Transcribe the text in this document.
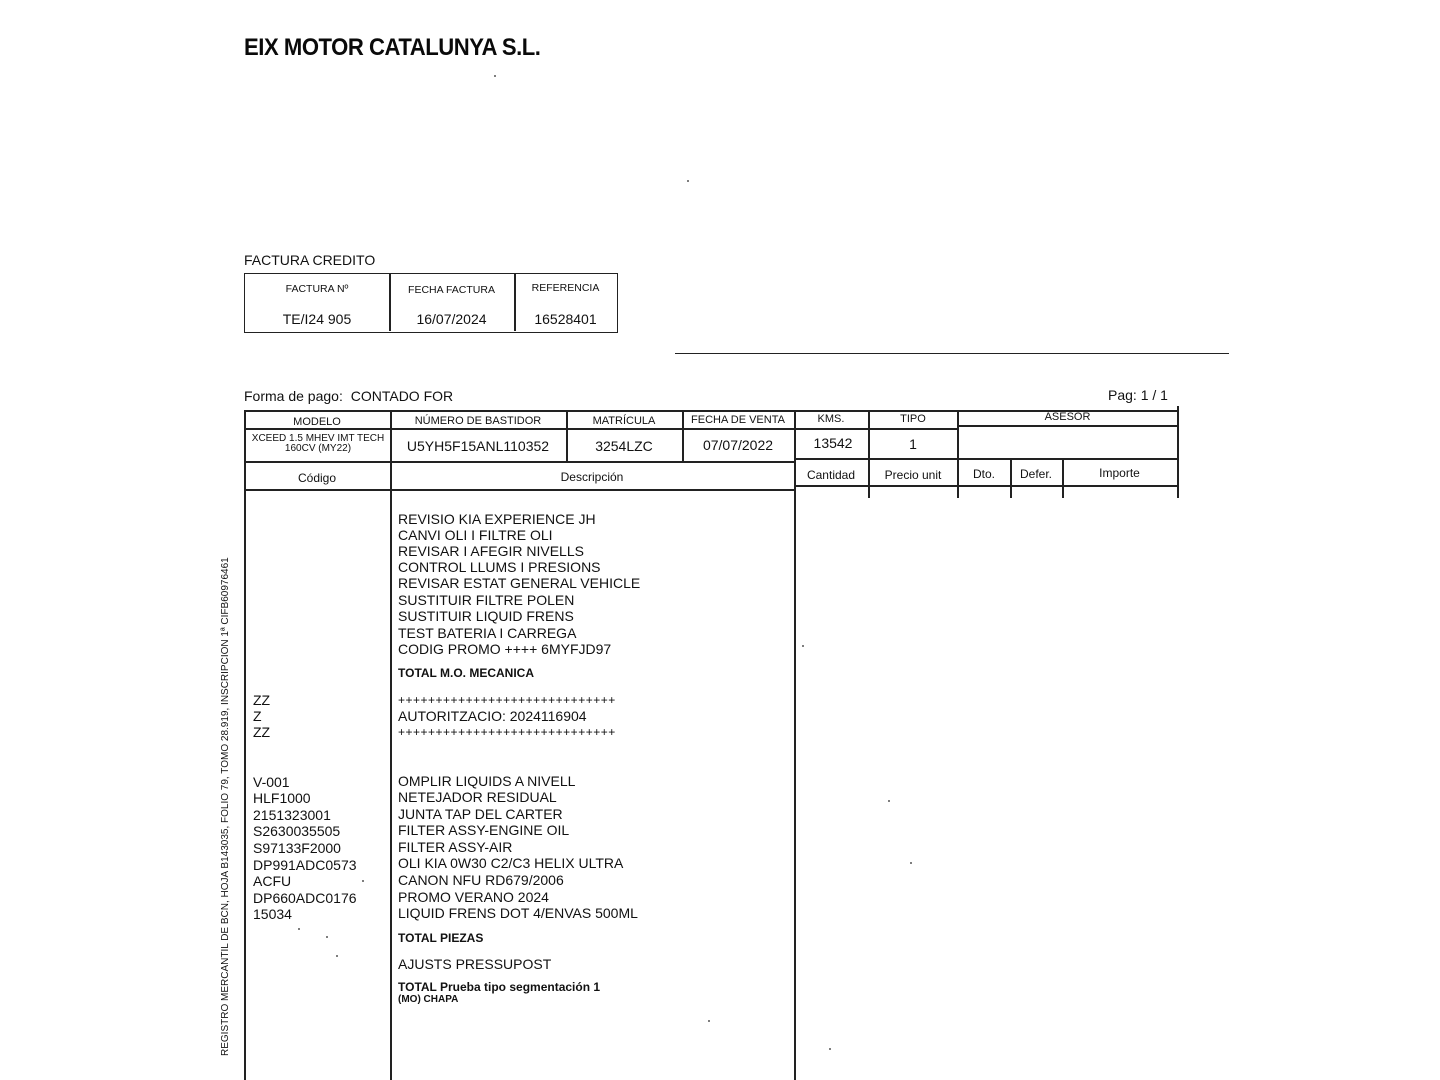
EIX MOTOR CATALUNYA S.L.
FACTURA CREDITO
FACTURA Nº	FECHA FACTURA	REFERENCIA
TE/I24 905	16/07/2024	16528401
Forma de pago: CONTADO FOR	Pag: 1 / 1
MODELO	NÚMERO DE BASTIDOR	MATRÍCULA	FECHA DE VENTA	KMS.	TIPO	ASESOR
XCEED 1.5 MHEV IMT TECH
160CV (MY22)	U5YH5F15ANL110352	3254LZC	07/07/2022	13542	1
Código	Descripción	Cantidad	Precio unit	Dto.	Defer.	Importe
REVISIO KIA EXPERIENCE JH
CANVI OLI I FILTRE OLI
REVISAR I AFEGIR NIVELLS
CONTROL LLUMS I PRESIONS
REVISAR ESTAT GENERAL VEHICLE
SUSTITUIR FILTRE POLEN
SUSTITUIR LIQUID FRENS
TEST BATERIA I CARREGA
CODIG PROMO ++++ 6MYFJD97
TOTAL M.O. MECANICA
ZZ	+++++++++++++++++++++++++++++
Z	AUTORITZACIO: 2024116904
ZZ	+++++++++++++++++++++++++++++
V-001	OMPLIR LIQUIDS A NIVELL
HLF1000	NETEJADOR RESIDUAL
2151323001	JUNTA TAP DEL CARTER
S2630035505	FILTER ASSY-ENGINE OIL
S97133F2000	FILTER ASSY-AIR
DP991ADC0573	OLI KIA 0W30 C2/C3 HELIX ULTRA
ACFU	CANON NFU RD679/2006
DP660ADC0176	PROMO VERANO 2024
15034	LIQUID FRENS DOT 4/ENVAS 500ML
TOTAL PIEZAS
AJUSTS PRESSUPOST
TOTAL Prueba tipo segmentación 1
(MO) CHAPA
REGISTRO MERCANTIL DE BCN, HOJA B143035, FOLIO 79, TOMO 28.919, INSCRIPCION 1ª CIFB60976461
